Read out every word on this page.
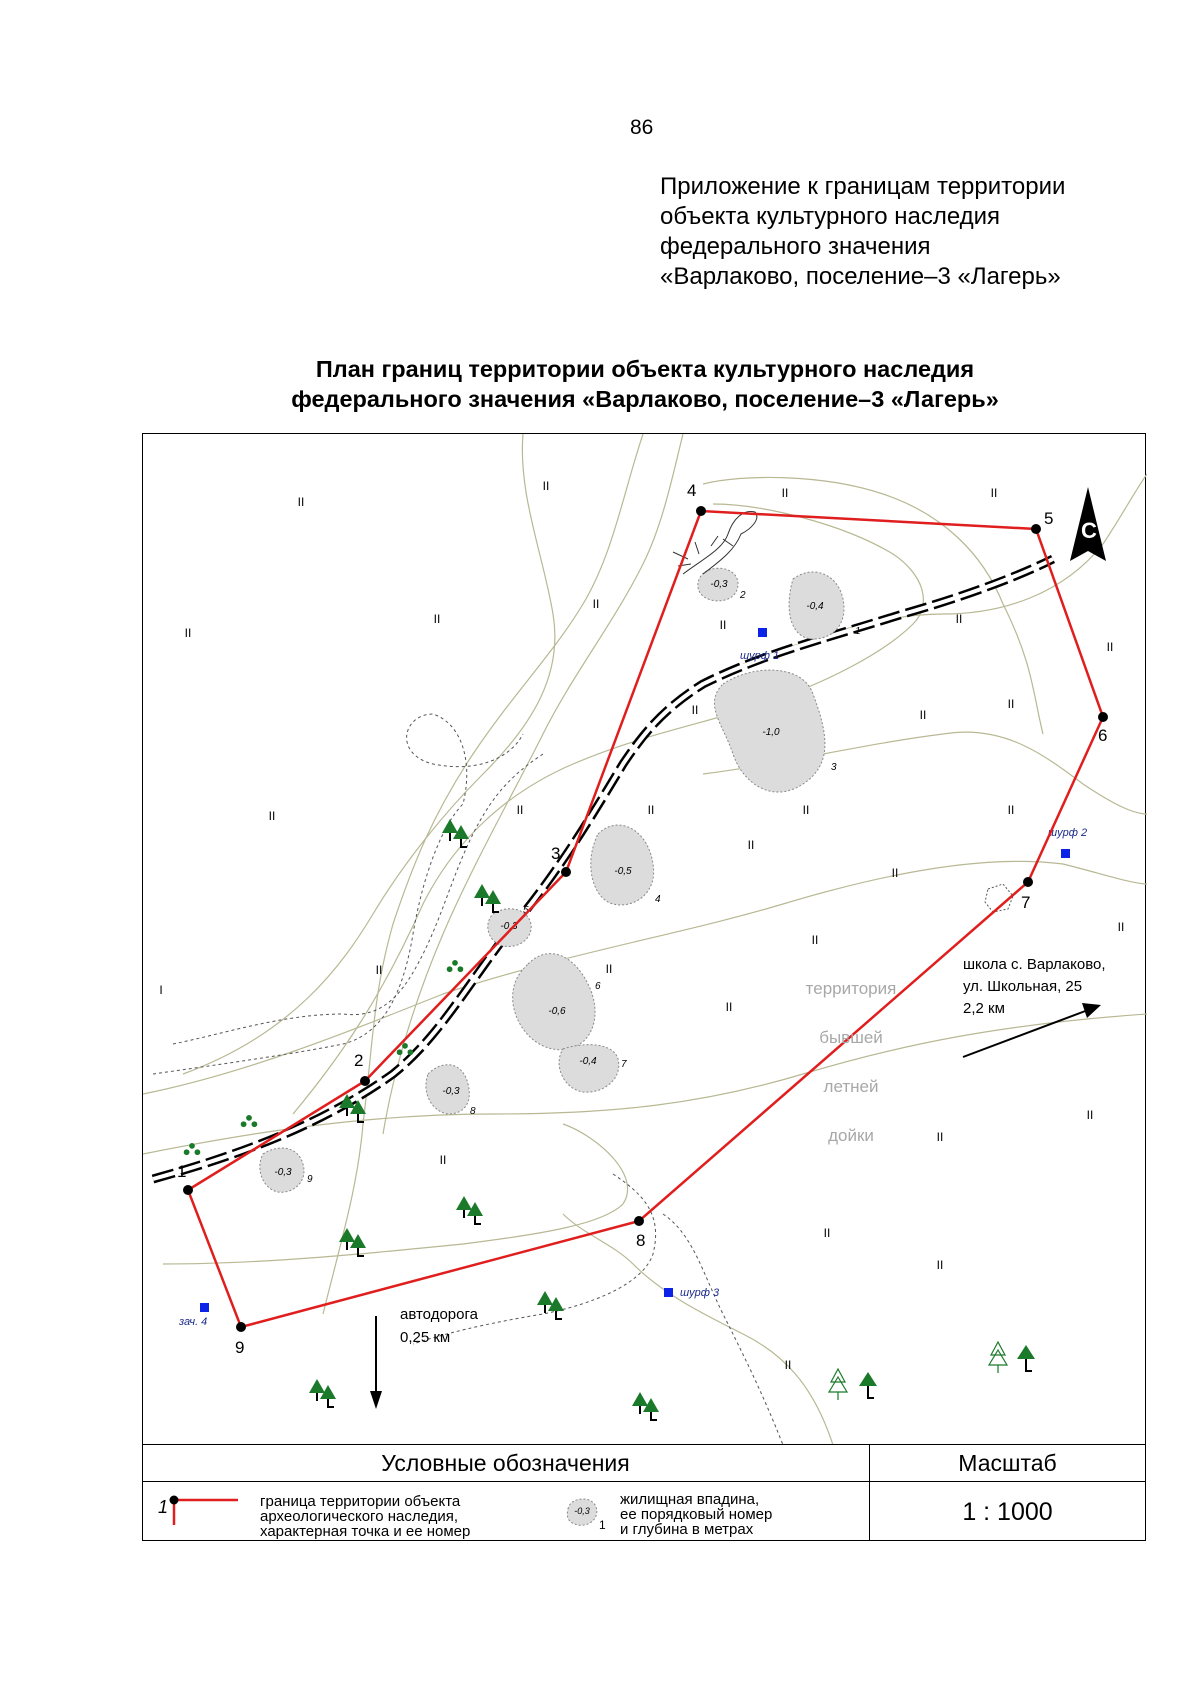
86
Приложение к границам территории
объекта культурного наследия
федерального значения
«Варлаково, поселение–3 «Лагерь»
План границ территории объекта культурного наследия
федерального значения «Варлаково, поселение–3 «Лагерь»
-0,4
1
-0,3
2
-1,0
3
-0,5
4
-0,3
5
-0,6
6
-0,4 7
-0,3
8
-0,3
9
II
II	II	II
II
II
II
II	II
II
II	II
II
II	II	II	II	II
II
II
II
II
II	II
II
II
II
II
II
II
II
I
шурф 1
шурф 2
шурф 3
зач. 4
1
2
3
4
5
6
7
8
9
территория
бывшей
летней
дойки
школа с. Варлаково,
ул. Школьная, 25
2,2 км
автодорога
0,25 км
С
Условные обозначения	Масштаб
1	граница территории объекта
археологического наследия,
характерная точка и ее номер
-0,3
1
жилищная впадина,
ее порядковый номер
и глубина в метрах
1 : 1000
